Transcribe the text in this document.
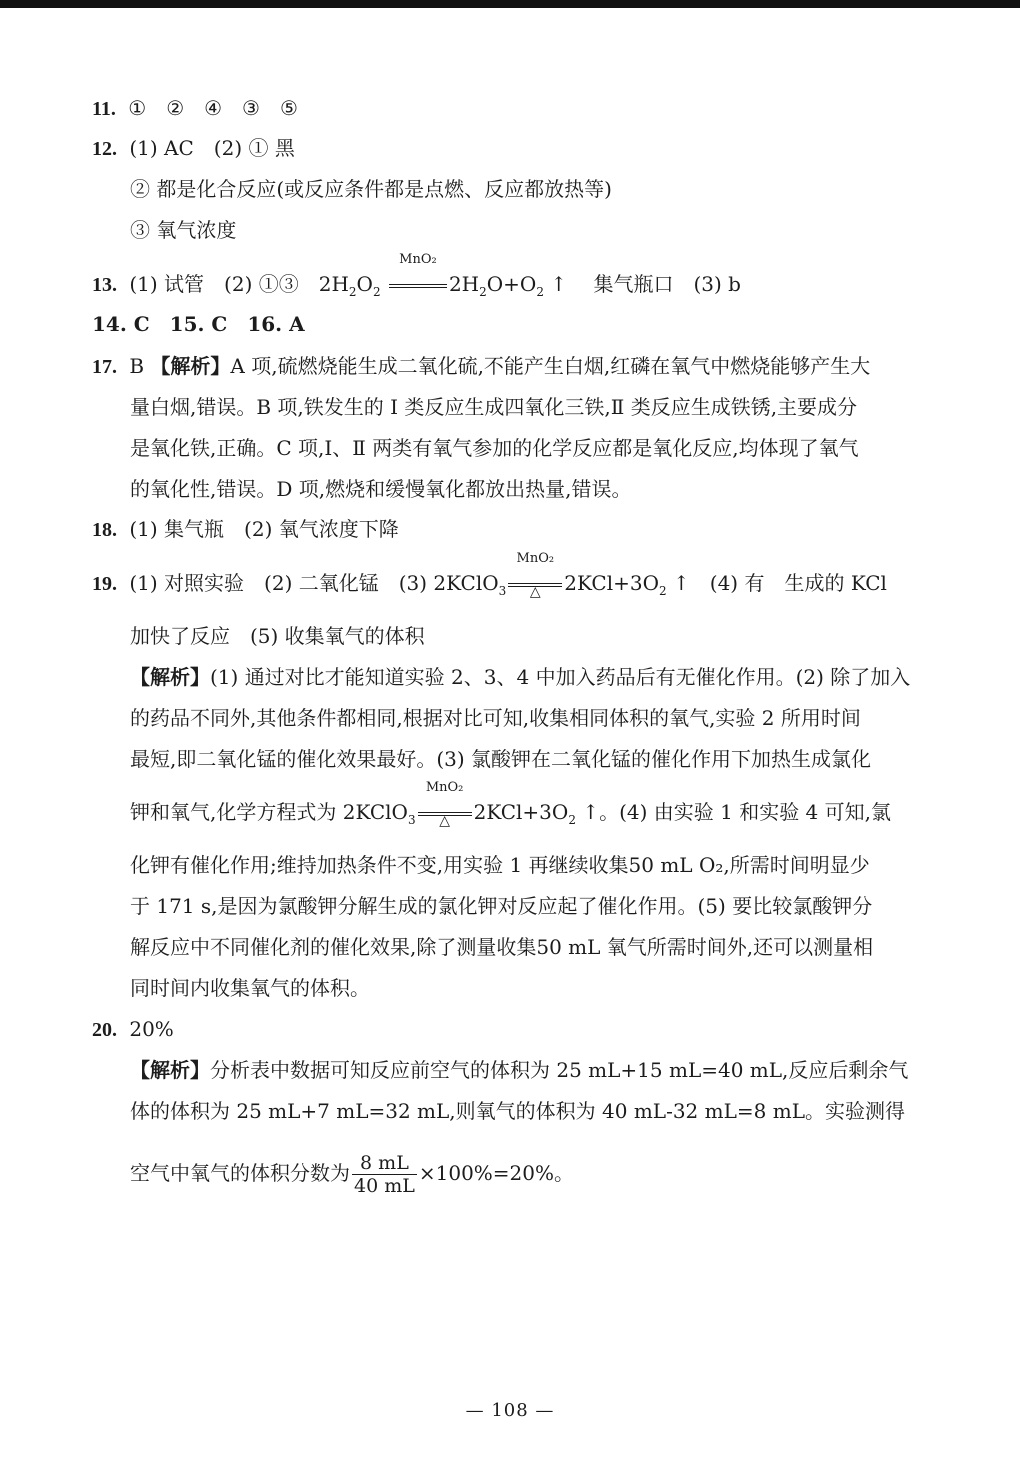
11. ①　②　④　③　⑤
12. (1) AC　(2) ① 黑
② 都是化合反应(或反应条件都是点燃、反应都放热等)
③ 氧气浓度
13. (1) 试管　(2) ①③　$2H_2O_2$
MnO₂
$2H_2O+O_2$ ↑ 　集气瓶口　(3) b
14. C　15. C　16. A
17. B 【解析】A 项,硫燃烧能生成二氧化硫,不能产生白烟,红磷在氧气中燃烧能够产生大
量白烟,错误。B 项,铁发生的 Ⅰ 类反应生成四氧化三铁,Ⅱ 类反应生成铁锈,主要成分
是氧化铁,正确。C 项,Ⅰ、Ⅱ 两类有氧气参加的化学反应都是氧化反应,均体现了氧气
的氧化性,错误。D 项,燃烧和缓慢氧化都放出热量,错误。
18. (1) 集气瓶　(2) 氧气浓度下降
19. (1) 对照实验　(2) 二氧化锰　(3) 2KClO$_3$
MnO₂
△	$2KCl+3O_2$ ↑　(4) 有　生成的 KCl
加快了反应　(5) 收集氧气的体积
【解析】(1) 通过对比才能知道实验 2、3、4 中加入药品后有无催化作用。(2) 除了加入
的药品不同外,其他条件都相同,根据对比可知,收集相同体积的氧气,实验 2 所用时间
最短,即二氧化锰的催化效果最好。(3) 氯酸钾在二氧化锰的催化作用下加热生成氯化
钾和氧气,化学方程式为 2KClO$_3$
MnO₂
△	$2KCl+3O_2$ ↑。(4) 由实验 1 和实验 4 可知,氯
化钾有催化作用;维持加热条件不变,用实验 1 再继续收集50 mL O₂,所需时间明显少
于 171 s,是因为氯酸钾分解生成的氯化钾对反应起了催化作用。(5) 要比较氯酸钾分
解反应中不同催化剂的催化效果,除了测量收集50 mL 氧气所需时间外,还可以测量相
同时间内收集氧气的体积。
20. 20%
【解析】分析表中数据可知反应前空气的体积为 25 mL+15 mL=40 mL,反应后剩余气
体的体积为 25 mL+7 mL=32 mL,则氧气的体积为 40 mL-32 mL=8 mL。实验测得
空气中氧气的体积分数为 $\frac{8 mL}{40 mL} \times 100\%=20\%$。
— 108 —
